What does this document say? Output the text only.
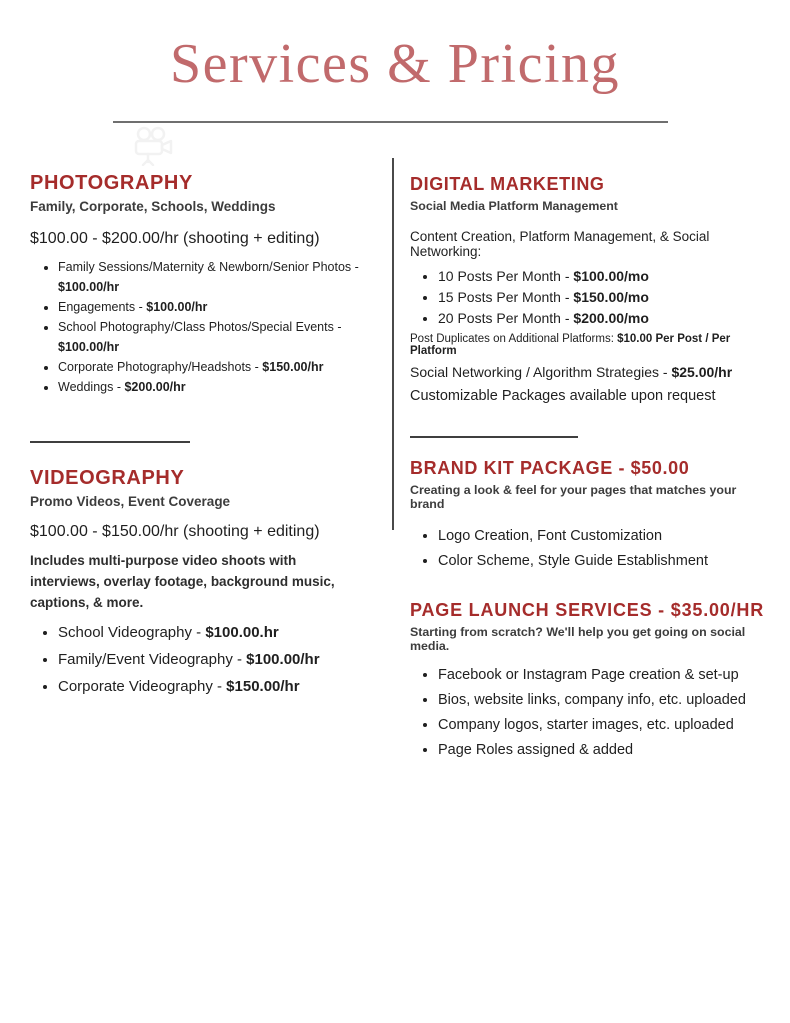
Services & Pricing
PHOTOGRAPHY
Family, Corporate, Schools, Weddings
$100.00 - $200.00/hr (shooting + editing)
• Family Sessions/Maternity & Newborn/Senior Photos - $100.00/hr
• Engagements - $100.00/hr
• School Photography/Class Photos/Special Events - $100.00/hr
• Corporate Photography/Headshots - $150.00/hr
• Weddings - $200.00/hr
VIDEOGRAPHY
Promo Videos, Event Coverage
$100.00 - $150.00/hr (shooting + editing)
Includes multi-purpose video shoots with interviews, overlay footage, background music, captions, & more.
• School Videography - $100.00.hr
• Family/Event Videography - $100.00/hr
• Corporate Videography - $150.00/hr
DIGITAL MARKETING
Social Media Platform Management
Content Creation, Platform Management, & Social Networking:
• 10 Posts Per Month - $100.00/mo
• 15 Posts Per Month - $150.00/mo
• 20 Posts Per Month - $200.00/mo
Post Duplicates on Additional Platforms: $10.00 Per Post / Per Platform
Social Networking / Algorithm Strategies - $25.00/hr
Customizable Packages available upon request
BRAND KIT PACKAGE - $50.00
Creating a look & feel for your pages that matches your brand
• Logo Creation, Font Customization
• Color Scheme, Style Guide Establishment
PAGE LAUNCH SERVICES - $35.00/HR
Starting from scratch? We'll help you get going on social media.
• Facebook or Instagram Page creation & set-up
• Bios, website links, company info, etc. uploaded
• Company logos, starter images, etc. uploaded
• Page Roles assigned & added
